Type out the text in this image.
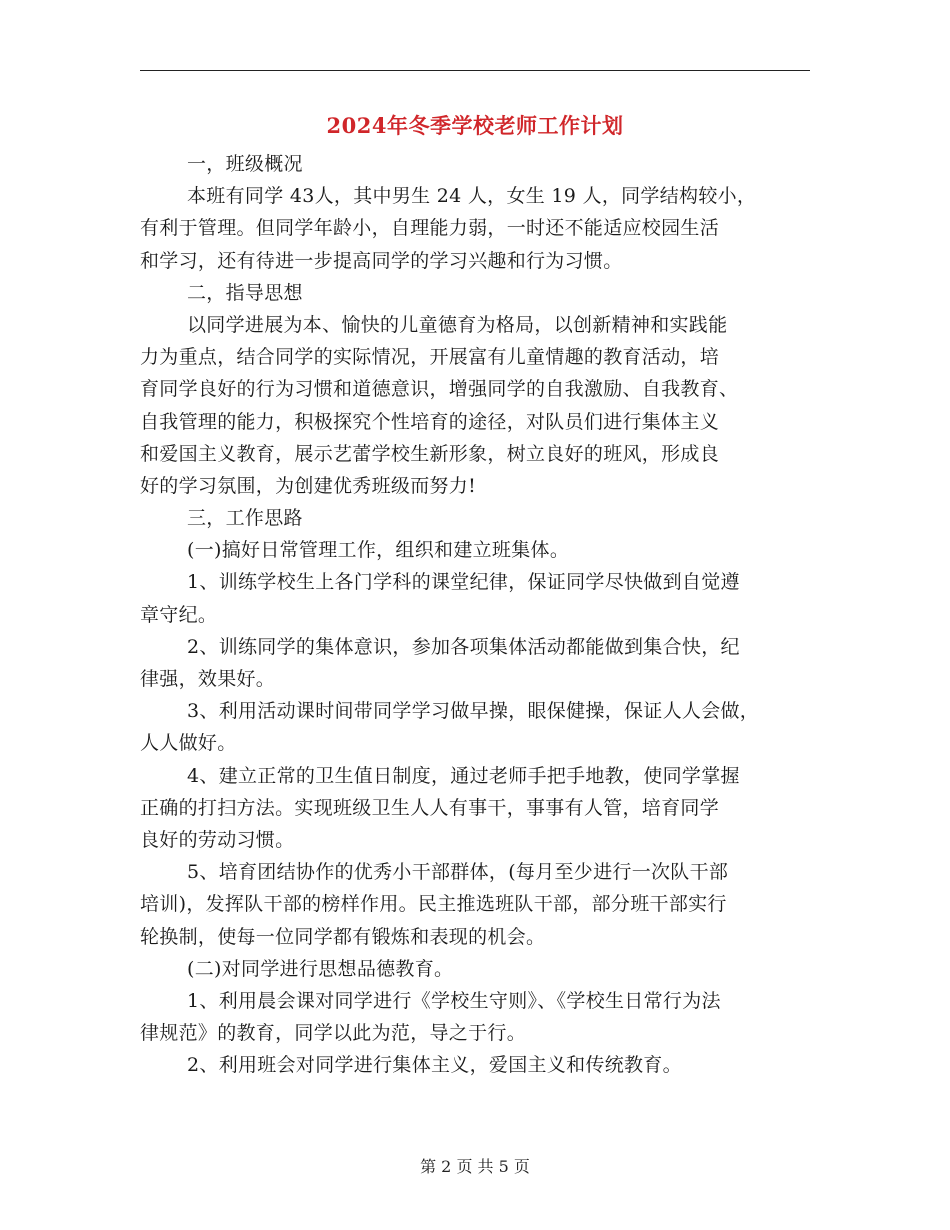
2024年冬季学校老师工作计划
一，班级概况
本班有同学 43人，其中男生 24 人，女生 19 人，同学结构较小，
有利于管理。但同学年龄小，自理能力弱，一时还不能适应校园生活
和学习，还有待进一步提高同学的学习兴趣和行为习惯。
二，指导思想
以同学进展为本、愉快的儿童德育为格局，以创新精神和实践能
力为重点，结合同学的实际情况，开展富有儿童情趣的教育活动，培
育同学良好的行为习惯和道德意识，增强同学的自我激励、自我教育、
自我管理的能力，积极探究个性培育的途径，对队员们进行集体主义
和爱国主义教育，展示艺蕾学校生新形象，树立良好的班风，形成良
好的学习氛围，为创建优秀班级而努力!
三，工作思路
(一)搞好日常管理工作，组织和建立班集体。
1、训练学校生上各门学科的课堂纪律，保证同学尽快做到自觉遵
章守纪。
2、训练同学的集体意识，参加各项集体活动都能做到集合快，纪
律强，效果好。
3、利用活动课时间带同学学习做早操，眼保健操，保证人人会做，
人人做好。
4、建立正常的卫生值日制度，通过老师手把手地教，使同学掌握
正确的打扫方法。实现班级卫生人人有事干，事事有人管，培育同学
良好的劳动习惯。
5、培育团结协作的优秀小干部群体，(每月至少进行一次队干部
培训)，发挥队干部的榜样作用。民主推选班队干部，部分班干部实行
轮换制，使每一位同学都有锻炼和表现的机会。
(二)对同学进行思想品德教育。
1、利用晨会课对同学进行《学校生守则》、《学校生日常行为法
律规范》的教育，同学以此为范，导之于行。
2、利用班会对同学进行集体主义，爱国主义和传统教育。
第 2 页 共 5 页
